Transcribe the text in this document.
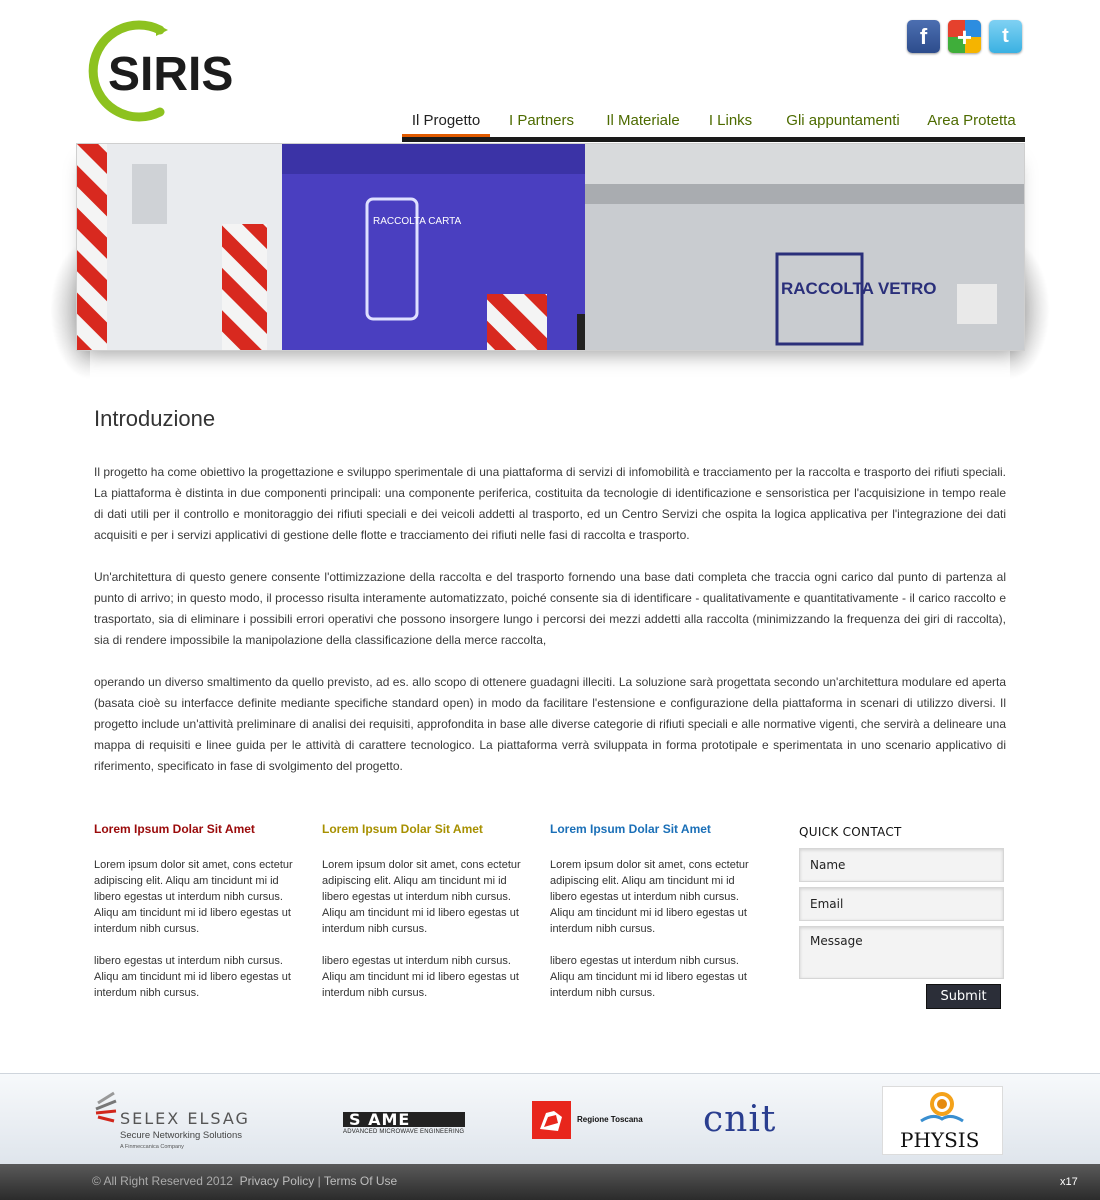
SIRIS
f + t
Il Progetto	I Partners	Il Materiale	I Links	Gli appuntamenti	Area Protetta
RACCOLTA CARTA
RACCOLTA VETRO
Introduzione

Il progetto ha come obiettivo la progettazione e sviluppo sperimentale di una piattaforma di servizi di infomobilità e tracciamento per la raccolta e trasporto dei rifiuti speciali. La piattaforma è distinta in due componenti principali: una componente periferica, costituita da tecnologie di identificazione e sensoristica per l'acquisizione in tempo reale di dati utili per il controllo e monitoraggio dei rifiuti speciali e dei veicoli addetti al trasporto, ed un Centro Servizi che ospita la logica applicativa per l'integrazione dei dati acquisiti e per i servizi applicativi di gestione delle flotte e tracciamento dei rifiuti nelle fasi di raccolta e trasporto.

Un'architettura di questo genere consente l'ottimizzazione della raccolta e del trasporto fornendo una base dati completa che traccia ogni carico dal punto di partenza al punto di arrivo; in questo modo, il processo risulta interamente automatizzato, poiché consente sia di identificare - qualitativamente e quantitativamente - il carico raccolto e trasportato, sia di eliminare i possibili errori operativi che possono insorgere lungo i percorsi dei mezzi addetti alla raccolta (minimizzando la frequenza dei giri di raccolta), sia di rendere impossibile la manipolazione della classificazione della merce raccolta,

operando un diverso smaltimento da quello previsto, ad es. allo scopo di ottenere guadagni illeciti. La soluzione sarà progettata secondo un'architettura modulare ed aperta (basata cioè su interfacce definite mediante specifiche standard open) in modo da facilitare l'estensione e configurazione della piattaforma in scenari di utilizzo diversi. Il progetto include un'attività preliminare di analisi dei requisiti, approfondita in base alle diverse categorie di rifiuti speciali e alle normative vigenti, che servirà a delineare una mappa di requisiti e linee guida per le attività di carattere tecnologico. La piattaforma verrà sviluppata in forma prototipale e sperimentata in uno scenario applicativo di riferimento, specificato in fase di svolgimento del progetto.

Lorem Ipsum Dolar Sit Amet

Lorem ipsum dolor sit amet, cons ectetur adipiscing elit. Aliqu am tincidunt mi id libero egestas ut interdum nibh cursus. Aliqu am tincidunt mi id libero egestas ut interdum nibh cursus.

libero egestas ut interdum nibh cursus. Aliqu am tincidunt mi id libero egestas ut interdum nibh cursus.

Lorem Ipsum Dolar Sit Amet

Lorem ipsum dolor sit amet, cons ectetur adipiscing elit. Aliqu am tincidunt mi id libero egestas ut interdum nibh cursus. Aliqu am tincidunt mi id libero egestas ut interdum nibh cursus.

libero egestas ut interdum nibh cursus. Aliqu am tincidunt mi id libero egestas ut interdum nibh cursus.

Lorem Ipsum Dolar Sit Amet

Lorem ipsum dolor sit amet, cons ectetur adipiscing elit. Aliqu am tincidunt mi id libero egestas ut interdum nibh cursus. Aliqu am tincidunt mi id libero egestas ut interdum nibh cursus.

libero egestas ut interdum nibh cursus. Aliqu am tincidunt mi id libero egestas ut interdum nibh cursus.

QUICK CONTACT
Name
Email
Message
Submit
SELEX ELSAG
Secure Networking Solutions
A Finmeccanica Company
S AME
ADVANCED MICROWAVE ENGINEERING
Regione Toscana cnit	PHYSIS
© All Right Reserved 2012 Privacy Policy | Terms Of Use	x17
